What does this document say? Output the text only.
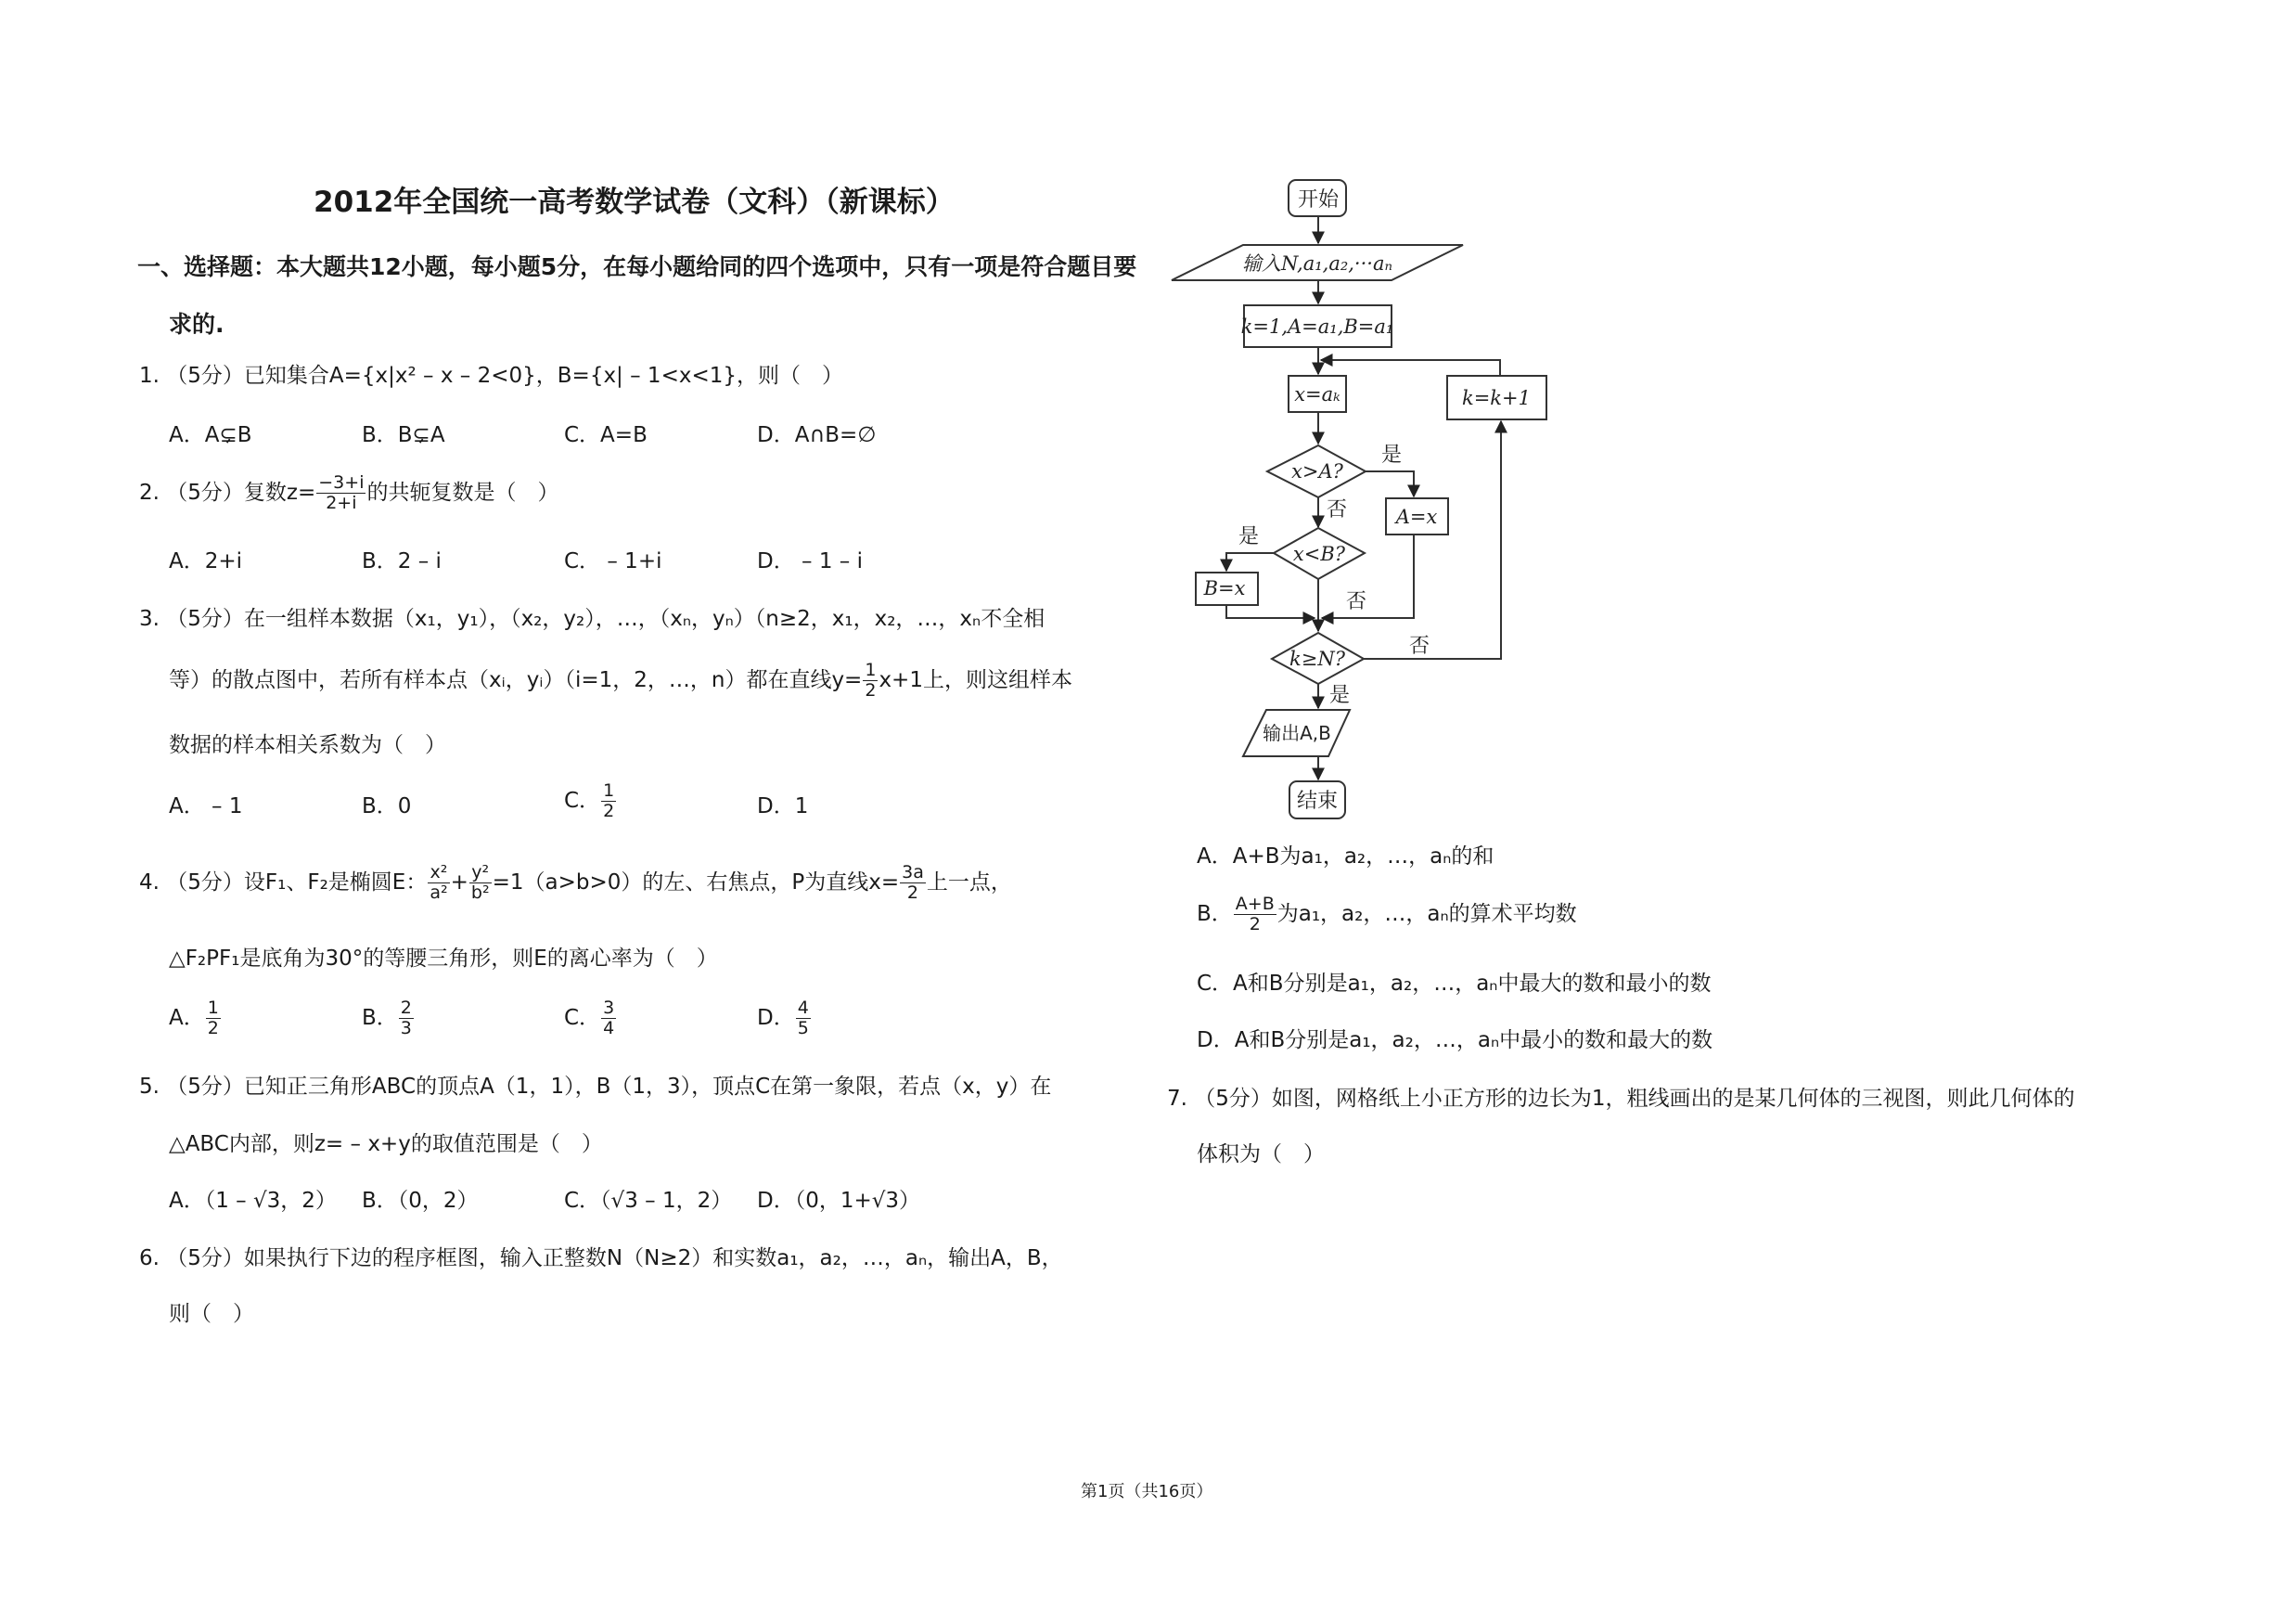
2012年全国统一高考数学试卷（文科）（新课标）
一、选择题：本大题共12小题，每小题5分，在每小题给同的四个选项中，只有一项是符合题目要
求的.
1. （5分）已知集合A={x|x² – x – 2<0}，B={x| – 1<x<1}，则（　）
A．A⊊B	B．B⊊A	C．A=B	D．A∩B=∅
2. （5分）复数$z= \frac{-3+i}{2+i}$ 的共轭复数是（　）
A．2+i	B．2 – i	C． – 1+i	D． – 1 – i
3. （5分）在一组样本数据（x₁，y₁），（x₂，y₂），…，（xₙ，yₙ）（n≥2，x₁，x₂，…，xₙ不全相
等）的散点图中，若所有样本点（xᵢ，yᵢ）（i=1，2，…，n）都在直线$y= \frac{1}{2} x+1$上，则这组样本
数据的样本相关系数为（　）
A． – 1	B．0	C． $\frac{1}{2}$	D．1
4. （5分）设F₁、F₂是椭圆E： $\frac{\text{x²}}{\text{a²}} + \frac{\text{y²}}{\text{b²}} =1(a>b>0)$的左、右焦点，P为直线$x= \frac{3a}{2}$ 上一点，
△F₂PF₁是底角为30°的等腰三角形，则E的离心率为（　）
A． $\frac{1}{2}$	B． $\frac{2}{3}$	C． $\frac{3}{4}$	D． $\frac{4}{5}$
5. （5分）已知正三角形ABC的顶点A（1，1），B（1，3），顶点C在第一象限，若点（x，y）在
△ABC内部，则z= – x+y的取值范围是（　）
A．（1 – √3，2） B．（0，2）	C．（√3 – 1，2） D．（0，1+√3）
6. （5分）如果执行下边的程序框图，输入正整数N（N≥2）和实数a₁，a₂，…，aₙ，输出A，B，
则（　）
开始
输入N,a₁,a₂,···aₙ
k=1,A=a₁,B=a₁
x=aₖ	k=k+1
x>A?
是
否	A=x
x<B?
是
B=x
否
k≥N?
否
是
输出A,B
结束
A．A+B为a₁，a₂，…，aₙ的和
B． $\frac{A+B}{2}$ 为a₁，a₂，…，aₙ的算术平均数
C．A和B分别是a₁，a₂，…，aₙ中最大的数和最小的数
D．A和B分别是a₁，a₂，…，aₙ中最小的数和最大的数
7. （5分）如图，网格纸上小正方形的边长为1，粗线画出的是某几何体的三视图，则此几何体的
体积为（　）
第1页（共16页）
